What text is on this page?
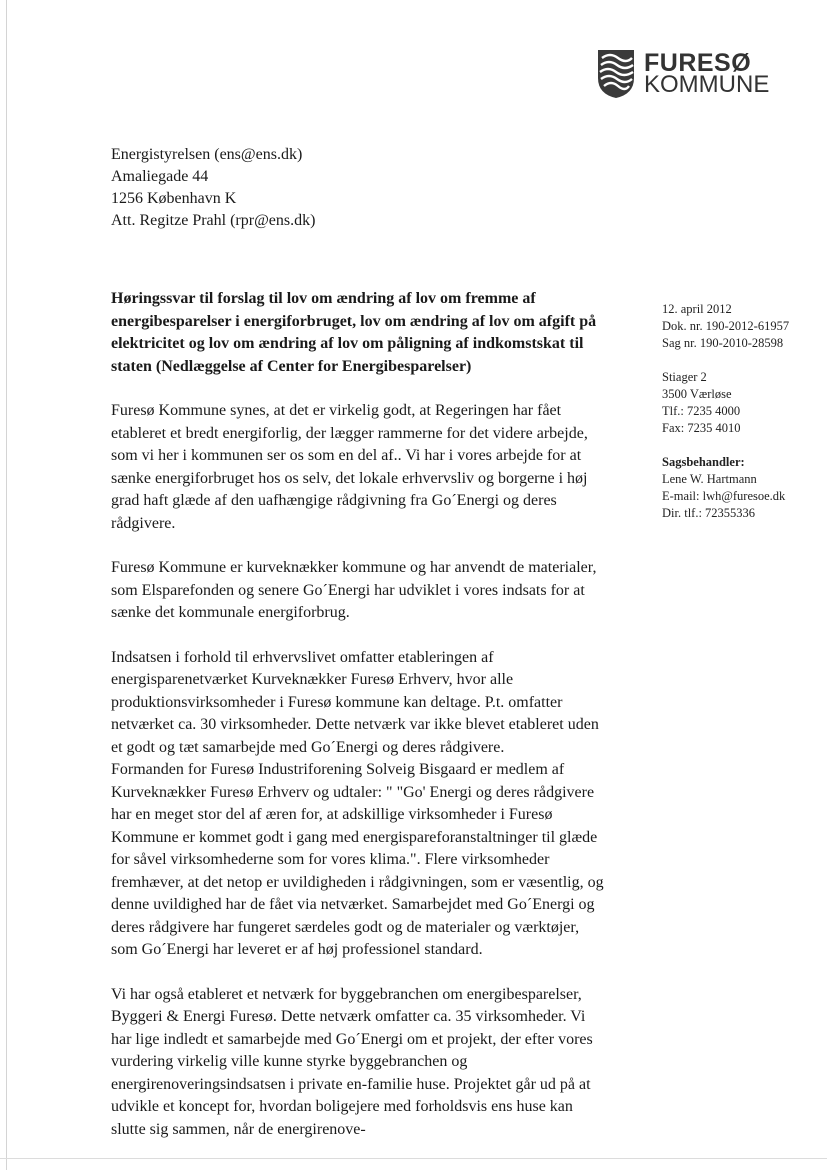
FURESØ
KOMMUNE
Energistyrelsen (ens@ens.dk)
Amaliegade 44
1256 København K
Att. Regitze Prahl (rpr@ens.dk)

Høringssvar til forslag til lov om ændring af lov om fremme af energibesparelser i energiforbruget, lov om ændring af lov om afgift på elektricitet og lov om ændring af lov om påligning af indkomstskat til staten (Nedlæggelse af Center for Energibesparelser)

Furesø Kommune synes, at det er virkelig godt, at Regeringen har fået etableret et bredt energiforlig, der lægger rammerne for det videre arbejde, som vi her i kommunen ser os som en del af.. Vi har i vores arbejde for at sænke energiforbruget hos os selv, det lokale erhvervsliv og borgerne i høj grad haft glæde af den uafhængige rådgivning fra Go´Energi og deres rådgivere.

Furesø Kommune er kurveknækker kommune og har anvendt de materialer, som Elsparefonden og senere Go´Energi har udviklet i vores indsats for at sænke det kommunale energiforbrug.

Indsatsen i forhold til erhvervslivet omfatter etableringen af energisparenetværket Kurveknækker Furesø Erhverv, hvor alle produktionsvirksomheder i Furesø kommune kan deltage. P.t. omfatter netværket ca. 30 virksomheder. Dette netværk var ikke blevet etableret uden et godt og tæt samarbejde med Go´Energi og deres rådgivere.

Formanden for Furesø Industriforening Solveig Bisgaard er medlem af Kurveknækker Furesø Erhverv og udtaler: " "Go' Energi og deres rådgivere har en meget stor del af æren for, at adskillige virksomheder i Furesø Kommune er kommet godt i gang med energispareforanstaltninger til glæde for såvel virksomhederne som for vores klima.". Flere virksomheder fremhæver, at det netop er uvildigheden i rådgivningen, som er væsentlig, og denne uvildighed har de fået via netværket. Samarbejdet med Go´Energi og deres rådgivere har fungeret særdeles godt og de materialer og værktøjer, som Go´Energi har leveret er af høj professionel standard.

Vi har også etableret et netværk for byggebranchen om energibesparelser, Byggeri & Energi Furesø. Dette netværk omfatter ca. 35 virksomheder. Vi har lige indledt et samarbejde med Go´Energi om et projekt, der efter vores vurdering virkelig ville kunne styrke byggebranchen og energirenoveringsindsatsen i private en-familie huse. Projektet går ud på at udvikle et koncept for, hvordan boligejere med forholdsvis ens huse kan slutte sig sammen, når de energirenove-

12. april 2012
Dok. nr. 190-2012-61957
Sag nr. 190-2010-28598
Stiager 2
3500 Værløse
Tlf.: 7235 4000
Fax: 7235 4010
Sagsbehandler:
Lene W. Hartmann
E-mail: lwh@furesoe.dk
Dir. tlf.: 72355336
